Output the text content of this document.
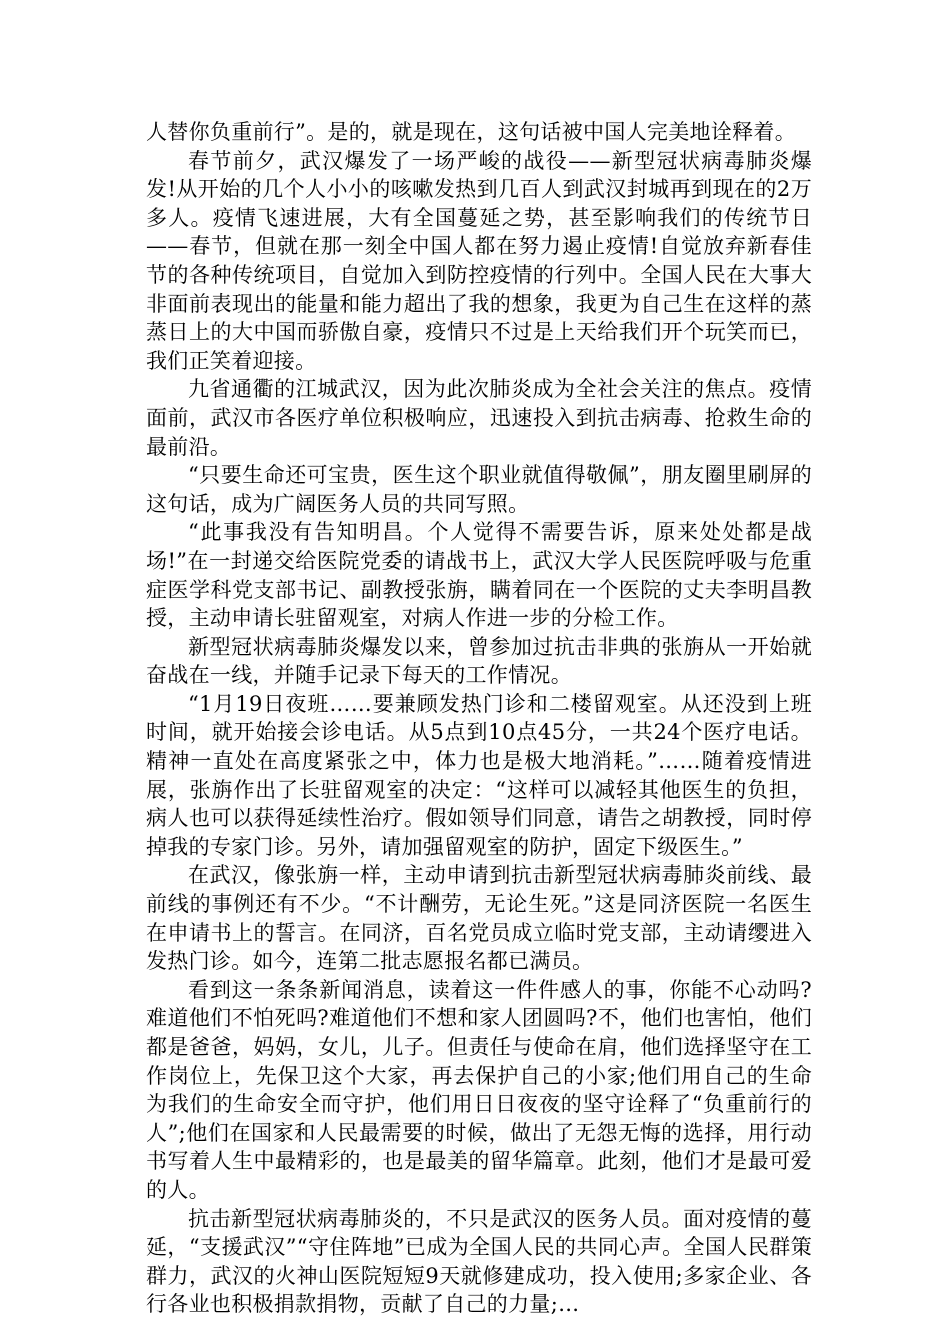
人替你负重前行”。是的，就是现在，这句话被中国人完美地诠释着。

春节前夕，武汉爆发了一场严峻的战役——新型冠状病毒肺炎爆发!从开始的几个人小小的咳嗽发热到几百人到武汉封城再到现在的2万多人。疫情飞速进展，大有全国蔓延之势，甚至影响我们的传统节日——春节，但就在那一刻全中国人都在努力遏止疫情!自觉放弃新春佳节的各种传统项目，自觉加入到防控疫情的行列中。全国人民在大事大非面前表现出的能量和能力超出了我的想象，我更为自己生在这样的蒸蒸日上的大中国而骄傲自豪，疫情只不过是上天给我们开个玩笑而已，我们正笑着迎接。

九省通衢的江城武汉，因为此次肺炎成为全社会关注的焦点。疫情面前，武汉市各医疗单位积极响应，迅速投入到抗击病毒、抢救生命的最前沿。

“只要生命还可宝贵，医生这个职业就值得敬佩”，朋友圈里刷屏的这句话，成为广阔医务人员的共同写照。

“此事我没有告知明昌。个人觉得不需要告诉，原来处处都是战场!”在一封递交给医院党委的请战书上，武汉大学人民医院呼吸与危重症医学科党支部书记、副教授张旃，瞒着同在一个医院的丈夫李明昌教授，主动申请长驻留观室，对病人作进一步的分检工作。

新型冠状病毒肺炎爆发以来，曾参加过抗击非典的张旃从一开始就奋战在一线，并随手记录下每天的工作情况。

“1月19日夜班……要兼顾发热门诊和二楼留观室。从还没到上班时间，就开始接会诊电话。从5点到10点45分，一共24个医疗电话。精神一直处在高度紧张之中，体力也是极大地消耗。”……随着疫情进展，张旃作出了长驻留观室的决定：“这样可以减轻其他医生的负担，病人也可以获得延续性治疗。假如领导们同意，请告之胡教授，同时停掉我的专家门诊。另外，请加强留观室的防护，固定下级医生。”

在武汉，像张旃一样，主动申请到抗击新型冠状病毒肺炎前线、最前线的事例还有不少。“不计酬劳，无论生死。”这是同济医院一名医生在申请书上的誓言。在同济，百名党员成立临时党支部，主动请缨进入发热门诊。如今，连第二批志愿报名都已满员。

看到这一条条新闻消息，读着这一件件感人的事，你能不心动吗?难道他们不怕死吗?难道他们不想和家人团圆吗?不，他们也害怕，他们都是爸爸，妈妈，女儿，儿子。但责任与使命在肩，他们选择坚守在工作岗位上，先保卫这个大家，再去保护自己的小家;他们用自己的生命为我们的生命安全而守护，他们用日日夜夜的坚守诠释了“负重前行的人”;他们在国家和人民最需要的时候，做出了无怨无悔的选择，用行动书写着人生中最精彩的，也是最美的留华篇章。此刻，他们才是最可爱的人。

抗击新型冠状病毒肺炎的，不只是武汉的医务人员。面对疫情的蔓延，“支援武汉”“守住阵地”已成为全国人民的共同心声。全国人民群策群力，武汉的火神山医院短短9天就修建成功，投入使用;多家企业、各行各业也积极捐款捐物，贡献了自己的力量;…
